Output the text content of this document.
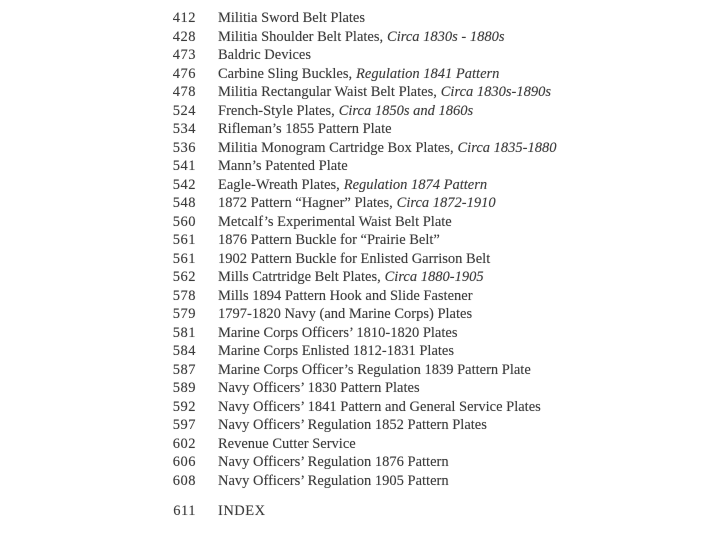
412 Militia Sword Belt Plates
428 Militia Shoulder Belt Plates, Circa 1830s - 1880s
473 Baldric Devices
476 Carbine Sling Buckles, Regulation 1841 Pattern
478 Militia Rectangular Waist Belt Plates, Circa 1830s-1890s
524 French-Style Plates, Circa 1850s and 1860s
534 Rifleman’s 1855 Pattern Plate
536 Militia Monogram Cartridge Box Plates, Circa 1835-1880
541 Mann’s Patented Plate
542 Eagle-Wreath Plates, Regulation 1874 Pattern
548 1872 Pattern “Hagner” Plates, Circa 1872-1910
560 Metcalf’s Experimental Waist Belt Plate
561 1876 Pattern Buckle for “Prairie Belt”
561 1902 Pattern Buckle for Enlisted Garrison Belt
562 Mills Catrtridge Belt Plates, Circa 1880-1905
578 Mills 1894 Pattern Hook and Slide Fastener
579 1797-1820 Navy (and Marine Corps) Plates
581 Marine Corps Officers’ 1810-1820 Plates
584 Marine Corps Enlisted 1812-1831 Plates
587 Marine Corps Officer’s Regulation 1839 Pattern Plate
589 Navy Officers’ 1830 Pattern Plates
592 Navy Officers’ 1841 Pattern and General Service Plates
597 Navy Officers’ Regulation 1852 Pattern Plates
602 Revenue Cutter Service
606 Navy Officers’ Regulation 1876 Pattern
608 Navy Officers’ Regulation 1905 Pattern
611 INDEX
